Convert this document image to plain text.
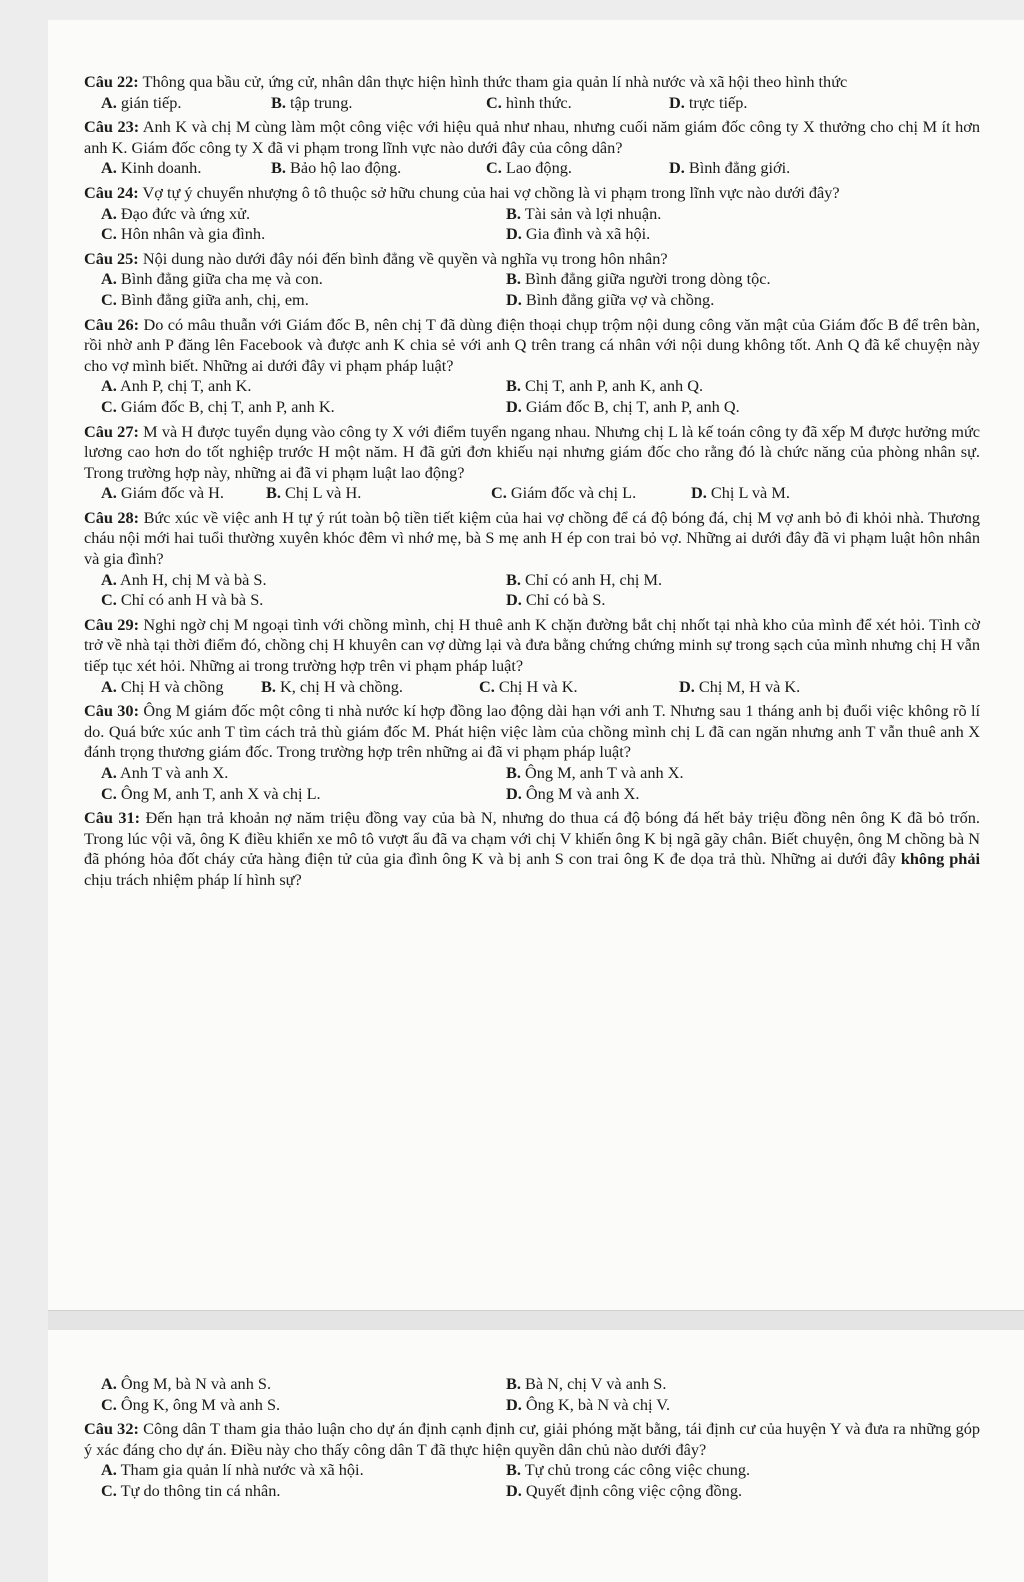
Câu 22: Thông qua bầu cử, ứng cử, nhân dân thực hiện hình thức tham gia quản lí nhà nước và xã hội theo hình thức

A. gián tiếp.	B. tập trung.	C. hình thức.	D. trực tiếp.

Câu 23: Anh K và chị M cùng làm một công việc với hiệu quả như nhau, nhưng cuối năm giám đốc công ty X thưởng cho chị M ít hơn anh K. Giám đốc công ty X đã vi phạm trong lĩnh vực nào dưới đây của công dân?

A. Kinh doanh.	B. Bảo hộ lao động.	C. Lao động.	D. Bình đẳng giới.

Câu 24: Vợ tự ý chuyển nhượng ô tô thuộc sở hữu chung của hai vợ chồng là vi phạm trong lĩnh vực nào dưới đây?

A. Đạo đức và ứng xử.	B. Tài sản và lợi nhuận.
C. Hôn nhân và gia đình.	D. Gia đình và xã hội.

Câu 25: Nội dung nào dưới đây nói đến bình đẳng về quyền và nghĩa vụ trong hôn nhân?

A. Bình đẳng giữa cha mẹ và con.	B. Bình đẳng giữa người trong dòng tộc.
C. Bình đẳng giữa anh, chị, em.	D. Bình đẳng giữa vợ và chồng.

Câu 26: Do có mâu thuẫn với Giám đốc B, nên chị T đã dùng điện thoại chụp trộm nội dung công văn mật của Giám đốc B để trên bàn, rồi nhờ anh P đăng lên Facebook và được anh K chia sẻ với anh Q trên trang cá nhân với nội dung không tốt. Anh Q đã kể chuyện này cho vợ mình biết. Những ai dưới đây vi phạm pháp luật?

A. Anh P, chị T, anh K.	B. Chị T, anh P, anh K, anh Q.
C. Giám đốc B, chị T, anh P, anh K.	D. Giám đốc B, chị T, anh P, anh Q.

Câu 27: M và H được tuyển dụng vào công ty X với điểm tuyển ngang nhau. Nhưng chị L là kế toán công ty đã xếp M được hưởng mức lương cao hơn do tốt nghiệp trước H một năm. H đã gửi đơn khiếu nại nhưng giám đốc cho rằng đó là chức năng của phòng nhân sự. Trong trường hợp này, những ai đã vi phạm luật lao động?

A. Giám đốc và H.	B. Chị L và H.	C. Giám đốc và chị L.	D. Chị L và M.

Câu 28: Bức xúc về việc anh H tự ý rút toàn bộ tiền tiết kiệm của hai vợ chồng để cá độ bóng đá, chị M vợ anh bỏ đi khỏi nhà. Thương cháu nội mới hai tuổi thường xuyên khóc đêm vì nhớ mẹ, bà S mẹ anh H ép con trai bỏ vợ. Những ai dưới đây đã vi phạm luật hôn nhân và gia đình?

A. Anh H, chị M và bà S.	B. Chỉ có anh H, chị M.
C. Chỉ có anh H và bà S.	D. Chỉ có bà S.

Câu 29: Nghi ngờ chị M ngoại tình với chồng mình, chị H thuê anh K chặn đường bắt chị nhốt tại nhà kho của mình để xét hỏi. Tình cờ trở về nhà tại thời điểm đó, chồng chị H khuyên can vợ dừng lại và đưa bằng chứng chứng minh sự trong sạch của mình nhưng chị H vẫn tiếp tục xét hỏi. Những ai trong trường hợp trên vi phạm pháp luật?

A. Chị H và chồng	B. K, chị H và chồng.	C. Chị H và K.	D. Chị M, H và K.

Câu 30: Ông M giám đốc một công ti nhà nước kí hợp đồng lao động dài hạn với anh T. Nhưng sau 1 tháng anh bị đuổi việc không rõ lí do. Quá bức xúc anh T tìm cách trả thù giám đốc M. Phát hiện việc làm của chồng mình chị L đã can ngăn nhưng anh T vẫn thuê anh X đánh trọng thương giám đốc. Trong trường hợp trên những ai đã vi phạm pháp luật?

A. Anh T và anh X.	B. Ông M, anh T và anh X.
C. Ông M, anh T, anh X và chị L.	D. Ông M và anh X.

Câu 31: Đến hạn trả khoản nợ năm triệu đồng vay của bà N, nhưng do thua cá độ bóng đá hết bảy triệu đồng nên ông K đã bỏ trốn. Trong lúc vội vã, ông K điều khiển xe mô tô vượt ẩu đã va chạm với chị V khiến ông K bị ngã gãy chân. Biết chuyện, ông M chồng bà N đã phóng hỏa đốt cháy cửa hàng điện tử của gia đình ông K và bị anh S con trai ông K đe dọa trả thù. Những ai dưới đây không phải chịu trách nhiệm pháp lí hình sự?

A. Ông M, bà N và anh S.	B. Bà N, chị V và anh S.
C. Ông K, ông M và anh S.	D. Ông K, bà N và chị V.

Câu 32: Công dân T tham gia thảo luận cho dự án định cạnh định cư, giải phóng mặt bằng, tái định cư của huyện Y và đưa ra những góp ý xác đáng cho dự án. Điều này cho thấy công dân T đã thực hiện quyền dân chủ nào dưới đây?

A. Tham gia quản lí nhà nước và xã hội.	B. Tự chủ trong các công việc chung.
C. Tự do thông tin cá nhân.	D. Quyết định công việc cộng đồng.
